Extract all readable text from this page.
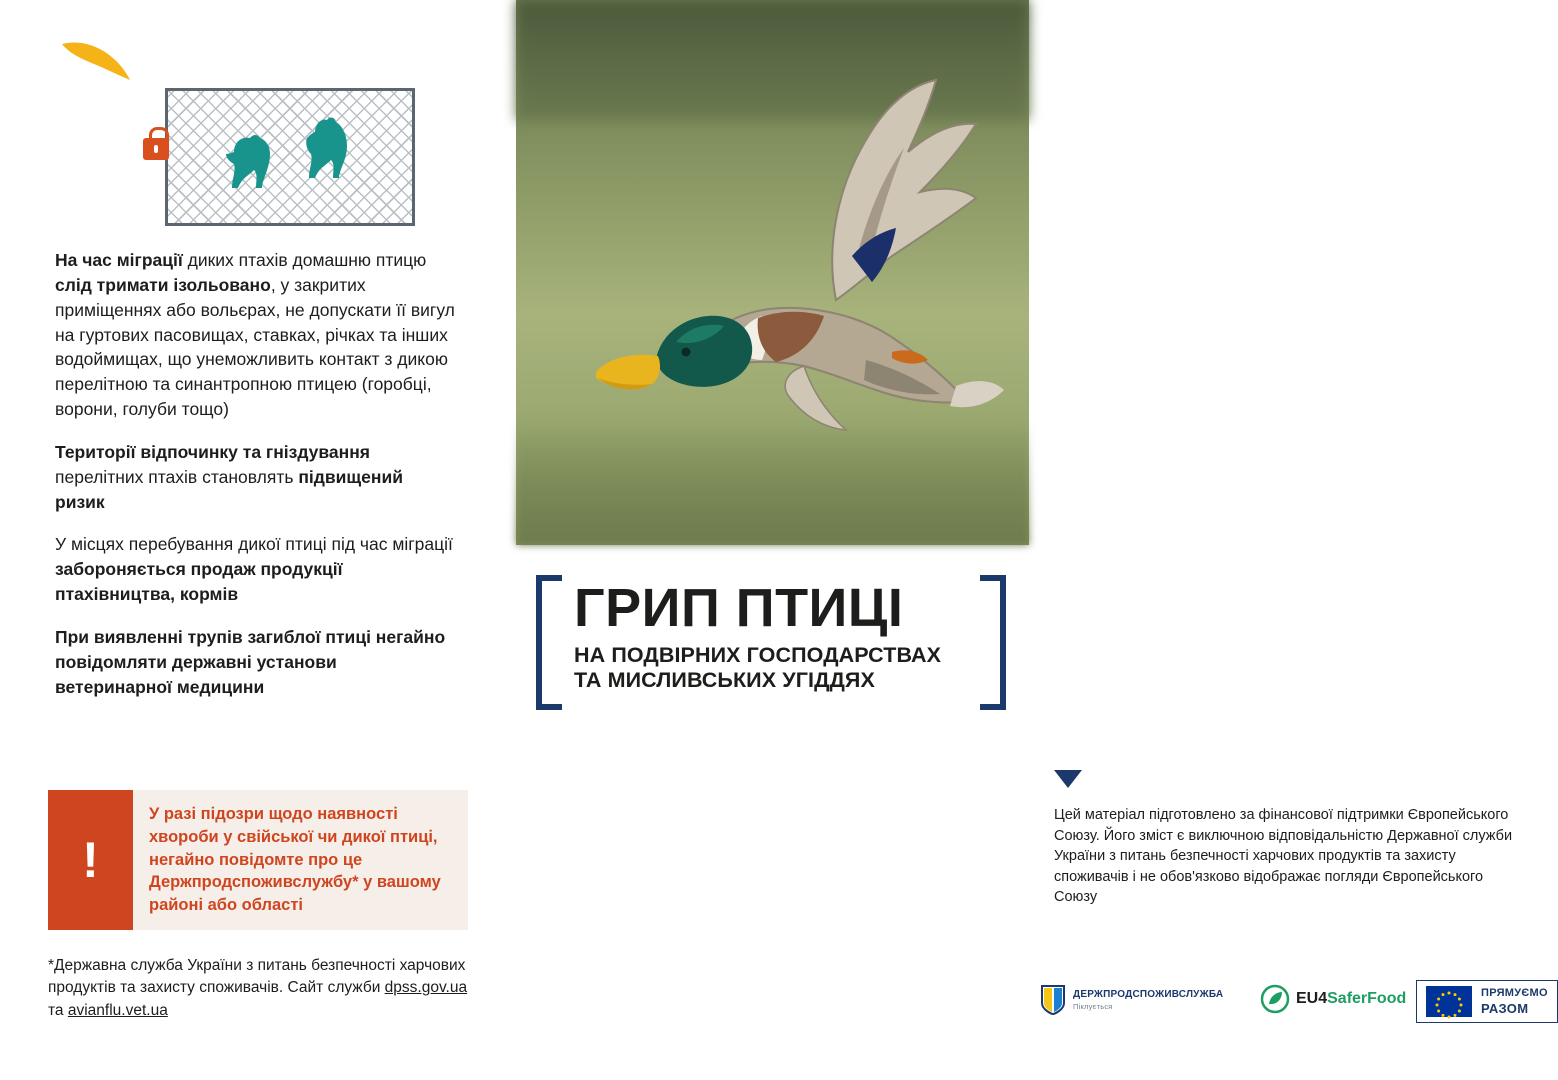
На час міграції диких птахів домашню птицю слід тримати ізольовано, у закритих приміщеннях або вольєрах, не допускати її вигул на гуртових пасовищах, ставках, річках та інших водоймищах, що унеможливить контакт з дикою перелітною та синантропною птицею (горобці, ворони, голуби тощо)

Території відпочинку та гніздування перелітних птахів становлять підвищений ризик

У місцях перебування дикої птиці під час міграції забороняється продаж продукції птахівництва, кормів

При виявленні трупів загиблої птиці негайно повідомляти державні установи ветеринарної медицини

!
У разі підозри щодо наявності хвороби у свійської чи дикої птиці, негайно повідомте про це Держпродспоживслужбу* у вашому районі або області
*Державна служба України з питань безпечності харчових продуктів та захисту споживачів. Сайт служби dpss.gov.ua та avianflu.vet.ua
ГРИП ПТИЦІ
НА ПОДВІРНИХ ГОСПОДАРСТВАХ ТА МИСЛИВСЬКИХ УГІДДЯХ
Цей матеріал підготовлено за фінансової підтримки Європейського Союзу. Його зміст є виключною відповідальністю Державної служби України з питань безпечності харчових продуктів та захисту споживачів і не обов'язково відображає погляди Європейського Союзу
ДЕРЖПРОДСПОЖИВСЛУЖБА
Піклується	EU4SaferFood	ПРЯМУЄМО
РАЗОМ
